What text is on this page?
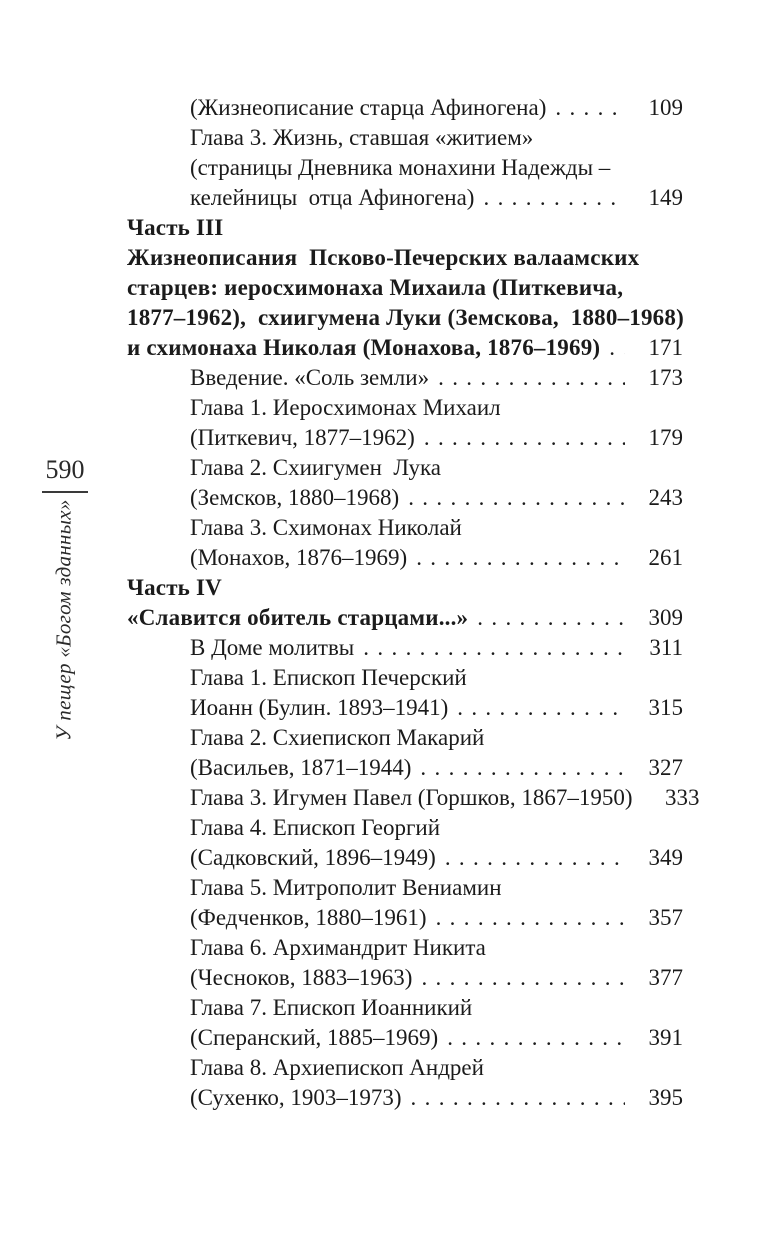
590
У пещер «Богом зданных»
(Жизнеописание старца Афиногена) . . .	109
Глава 3. Жизнь, ставшая «житием»
(страницы Дневника монахини Надежды –
келейницы  отца Афиногена) . . .	149
Часть III
Жизнеописания  Псково-Печерских валаамских
старцев: иеросхимонаха Михаила (Питкевича,
1877–1962),  схиигумена Луки (Земскова,  1880–1968)
и схимонаха Николая (Монахова, 1876–1969) . . .	171
Введение. «Соль земли» . . .	173
Глава 1. Иеросхимонах Михаил
(Питкевич, 1877–1962) . . .	179
Глава 2. Схиигумен  Лука
(Земсков, 1880–1968) . . .	243
Глава 3. Схимонах Николай
(Монахов, 1876–1969) . . .	261
Часть IV
«Славится обитель старцами...» . . .	309
В Доме молитвы . . .	311
Глава 1. Епископ Печерский
Иоанн (Булин. 1893–1941) . . .	315
Глава 2. Схиепископ Макарий
(Васильев, 1871–1944) . . .	327
Глава 3. Игумен Павел (Горшков, 1867–1950)	333
Глава 4. Епископ Георгий
(Садковский, 1896–1949) . . .	349
Глава 5. Митрополит Вениамин
(Федченков, 1880–1961) . . .	357
Глава 6. Архимандрит Никита
(Чесноков, 1883–1963) . . .	377
Глава 7. Епископ Иоанникий
(Сперанский, 1885–1969) . . .	391
Глава 8. Архиепископ Андрей
(Сухенко, 1903–1973) . . .	395
